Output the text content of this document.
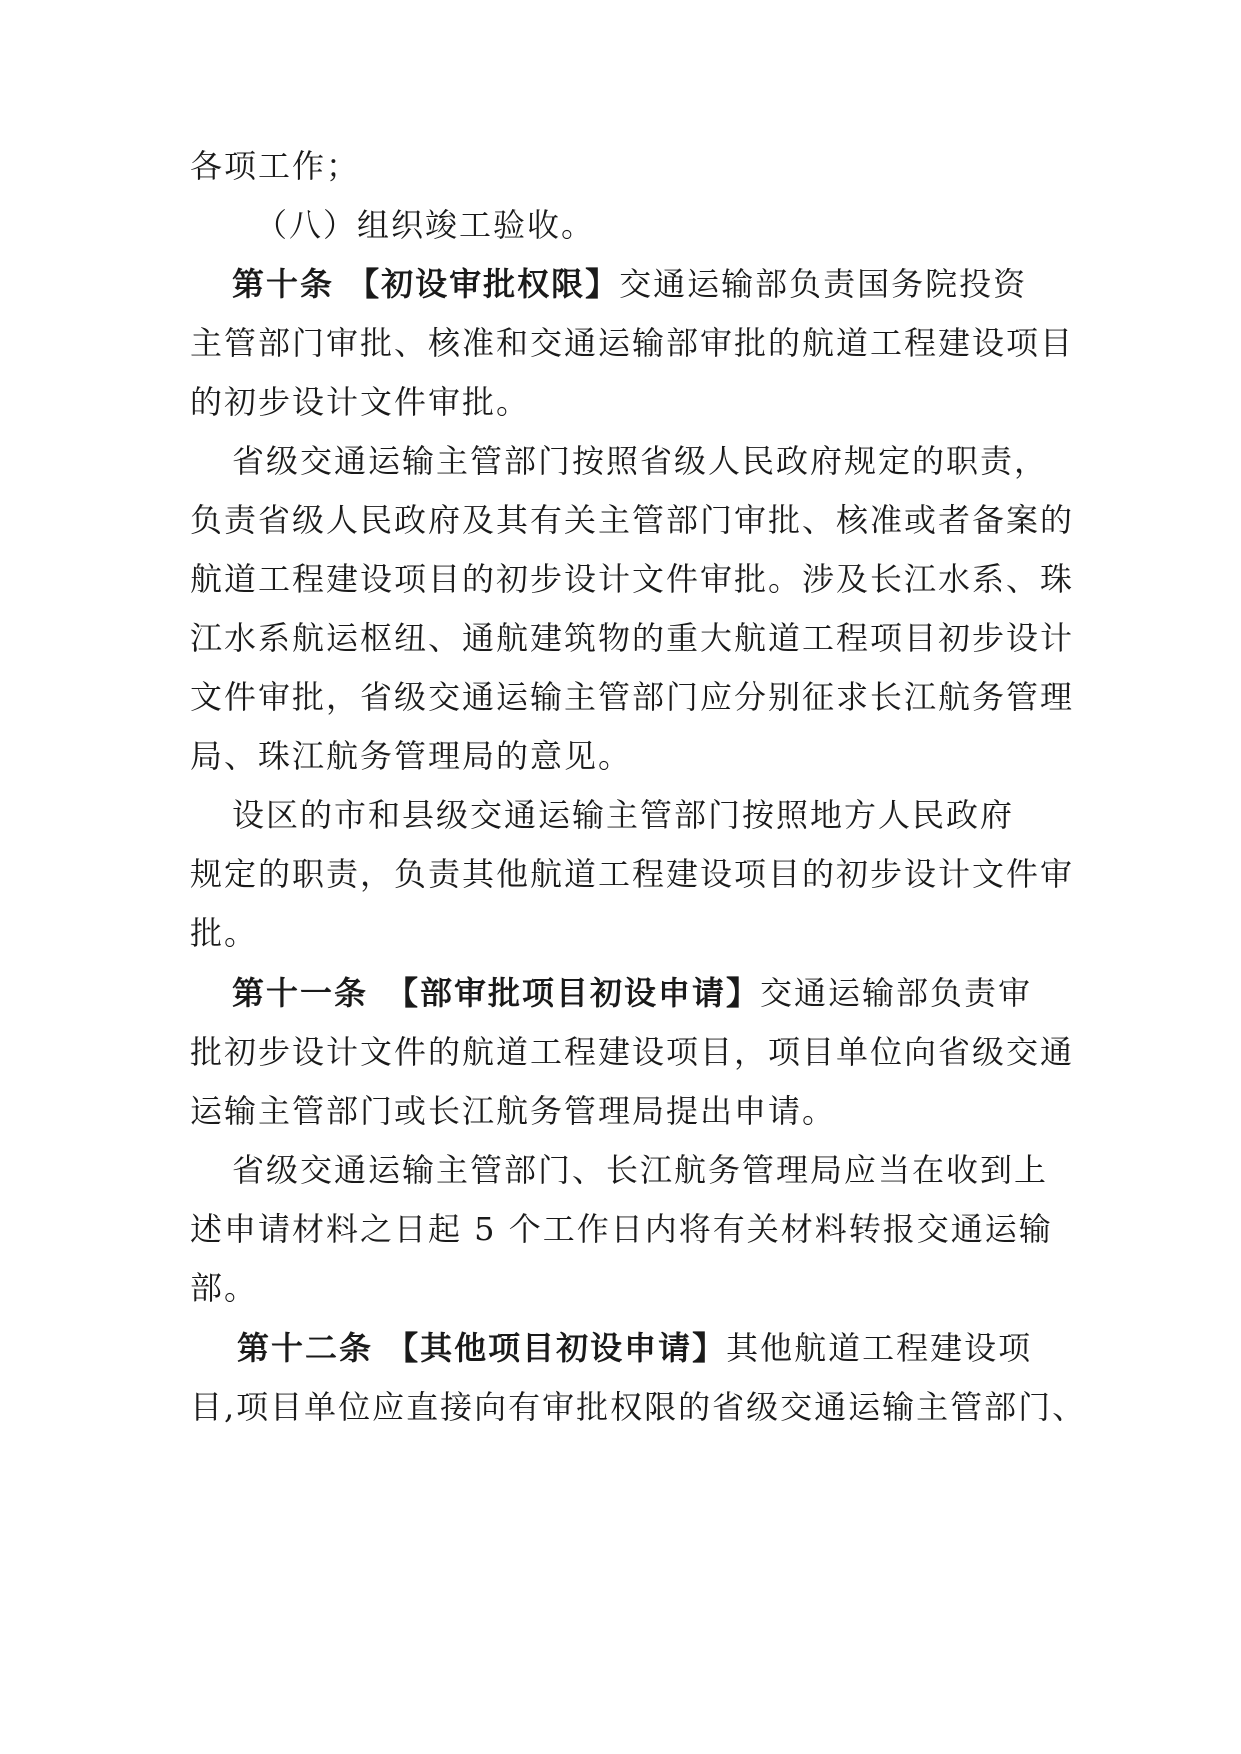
各项工作；
（八）组织竣工验收。
第十条 【初设审批权限】交通运输部负责国务院投资
主管部门审批、核准和交通运输部审批的航道工程建设项目
的初步设计文件审批。
省级交通运输主管部门按照省级人民政府规定的职责，
负责省级人民政府及其有关主管部门审批、核准或者备案的
航道工程建设项目的初步设计文件审批。涉及长江水系、珠
江水系航运枢纽、通航建筑物的重大航道工程项目初步设计
文件审批，省级交通运输主管部门应分别征求长江航务管理
局、珠江航务管理局的意见。
设区的市和县级交通运输主管部门按照地方人民政府
规定的职责，负责其他航道工程建设项目的初步设计文件审
批。
第十一条　【部审批项目初设申请】交通运输部负责审
批初步设计文件的航道工程建设项目，项目单位向省级交通
运输主管部门或长江航务管理局提出申请。
省级交通运输主管部门、长江航务管理局应当在收到上
述申请材料之日起 5 个工作日内将有关材料转报交通运输
部。
第十二条 【其他项目初设申请】其他航道工程建设项
目,项目单位应直接向有审批权限的省级交通运输主管部门、
